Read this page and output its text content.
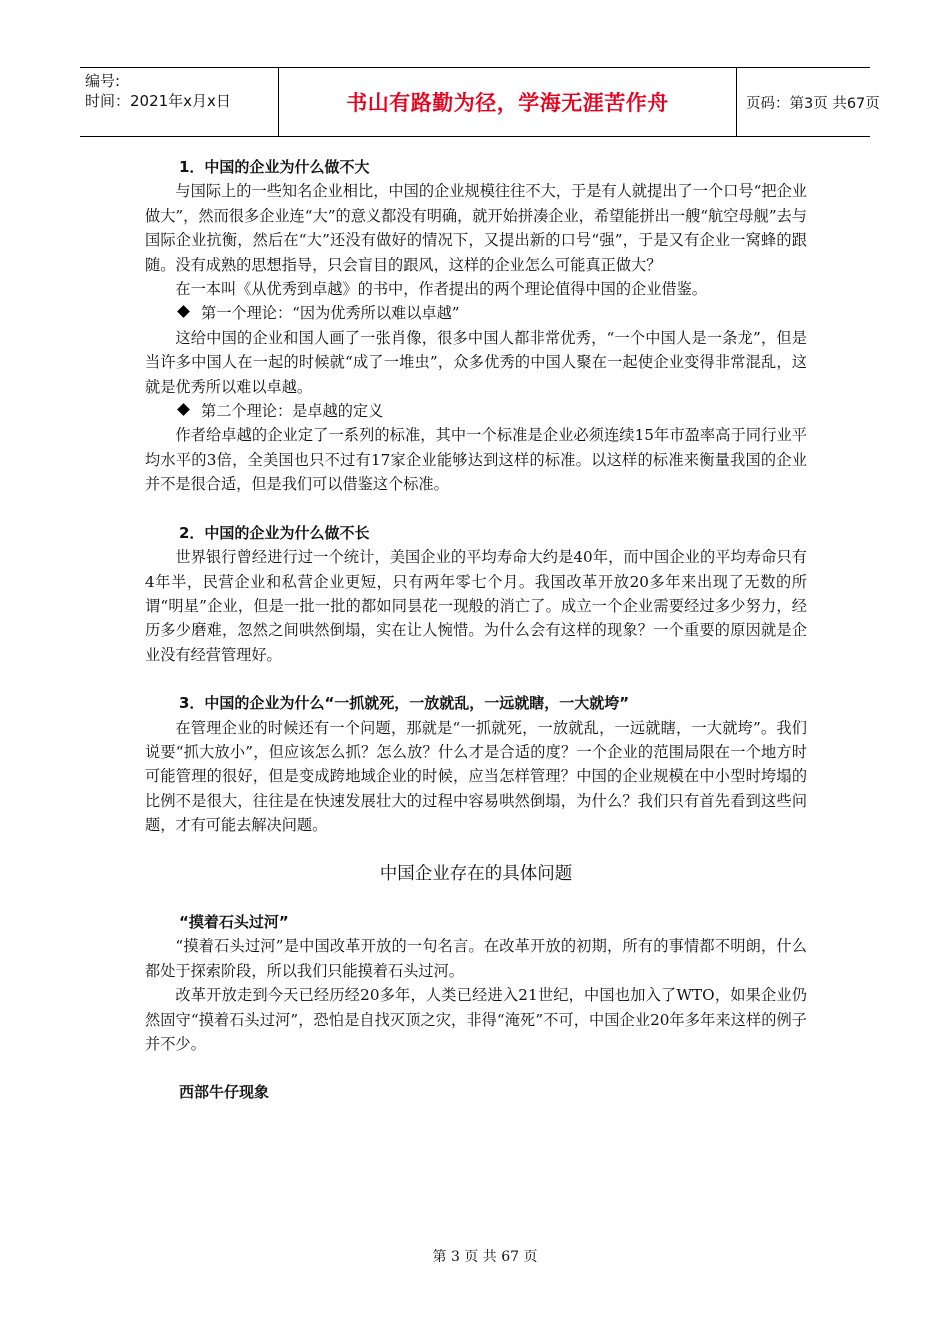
编号:
时间：2021年x月x日	书山有路勤为径，学海无涯苦作舟	页码：第3页 共67页

1．中国的企业为什么做不大

与国际上的一些知名企业相比，中国的企业规模往往不大，于是有人就提出了一个口号“把企业做大”，然而很多企业连“大”的意义都没有明确，就开始拼凑企业，希望能拼出一艘“航空母舰”去与国际企业抗衡，然后在“大”还没有做好的情况下，又提出新的口号“强”，于是又有企业一窝蜂的跟随。没有成熟的思想指导，只会盲目的跟风，这样的企业怎么可能真正做大？

在一本叫《从优秀到卓越》的书中，作者提出的两个理论值得中国的企业借鉴。

第一个理论：“因为优秀所以难以卓越”

这给中国的企业和国人画了一张肖像，很多中国人都非常优秀，“一个中国人是一条龙”，但是当许多中国人在一起的时候就“成了一堆虫”，众多优秀的中国人聚在一起使企业变得非常混乱，这就是优秀所以难以卓越。

第二个理论：是卓越的定义

作者给卓越的企业定了一系列的标准，其中一个标准是企业必须连续15年市盈率高于同行业平均水平的3倍，全美国也只不过有17家企业能够达到这样的标准。以这样的标准来衡量我国的企业并不是很合适，但是我们可以借鉴这个标准。

2．中国的企业为什么做不长

世界银行曾经进行过一个统计，美国企业的平均寿命大约是40年，而中国企业的平均寿命只有4年半，民营企业和私营企业更短，只有两年零七个月。我国改革开放20多年来出现了无数的所谓“明星”企业，但是一批一批的都如同昙花一现般的消亡了。成立一个企业需要经过多少努力，经历多少磨难，忽然之间哄然倒塌，实在让人惋惜。为什么会有这样的现象？一个重要的原因就是企业没有经营管理好。

3．中国的企业为什么“一抓就死，一放就乱，一远就瞎，一大就垮”

在管理企业的时候还有一个问题，那就是“一抓就死，一放就乱，一远就瞎，一大就垮”。我们说要“抓大放小”，但应该怎么抓？怎么放？什么才是合适的度？一个企业的范围局限在一个地方时可能管理的很好，但是变成跨地域企业的时候，应当怎样管理？中国的企业规模在中小型时垮塌的比例不是很大，往往是在快速发展壮大的过程中容易哄然倒塌，为什么？我们只有首先看到这些问题，才有可能去解决问题。

中国企业存在的具体问题

“摸着石头过河”

“摸着石头过河”是中国改革开放的一句名言。在改革开放的初期，所有的事情都不明朗，什么都处于探索阶段，所以我们只能摸着石头过河。

改革开放走到今天已经历经20多年，人类已经进入21世纪，中国也加入了WTO，如果企业仍然固守“摸着石头过河”，恐怕是自找灭顶之灾，非得“淹死”不可，中国企业20年多年来这样的例子并不少。

西部牛仔现象

第 3 页 共 67 页
